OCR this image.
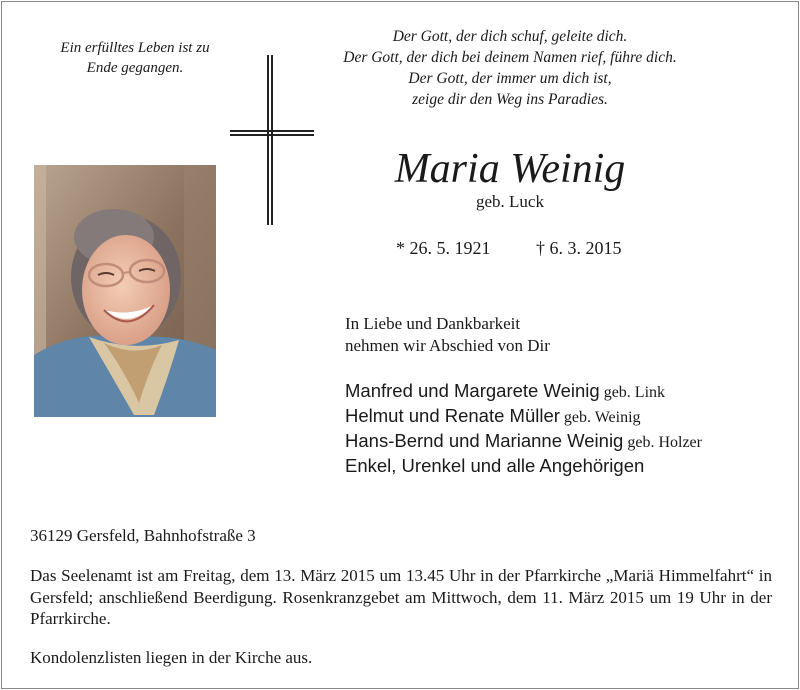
Ein erfülltes Leben ist zu
Ende gegangen.
Der Gott, der dich schuf, geleite dich.
Der Gott, der dich bei deinem Namen rief, führe dich.
Der Gott, der immer um dich ist,
zeige dir den Weg ins Paradies.
Maria Weinig
geb. Luck
* 26. 5. 1921	† 6. 3. 2015
In Liebe und Dankbarkeit
nehmen wir Abschied von Dir
Manfred und Margarete Weinig geb. Link
Helmut und Renate Müller geb. Weinig
Hans-Bernd und Marianne Weinig geb. Holzer
Enkel, Urenkel und alle Angehörigen
36129 Gersfeld, Bahnhofstraße 3
Das Seelenamt ist am Freitag, dem 13. März 2015 um 13.45 Uhr in der Pfarrkirche „Mariä Himmelfahrt“ in Gersfeld; anschließend Beerdigung. Rosenkranzgebet am Mittwoch, dem 11. März 2015 um 19 Uhr in der Pfarrkirche.
Kondolenzlisten liegen in der Kirche aus.
